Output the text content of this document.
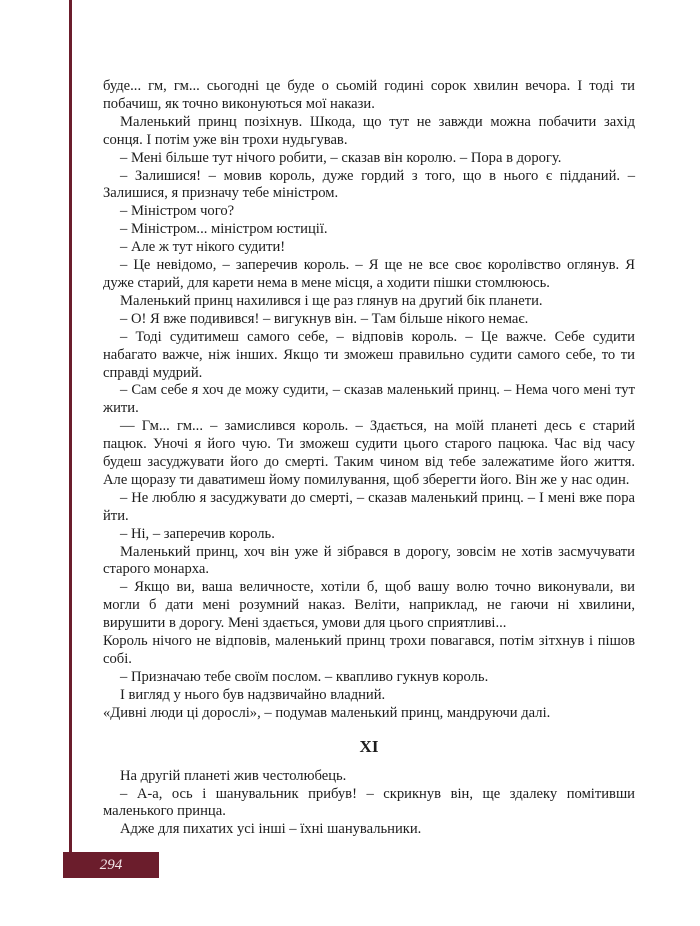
буде... гм, гм... сьогодні це буде о сьомій годині сорок хвилин вечора. І тоді ти побачиш, як точно виконуються мої накази.

Маленький принц позіхнув. Шкода, що тут не завжди можна побачити захід сонця. І потім уже він трохи нудьгував.

– Мені більше тут нічого робити, – сказав він королю. – Пора в дорогу.

– Залишися! – мовив король, дуже гордий з того, що в нього є підданий. – Залишися, я призначу тебе міністром.

– Міністром чого?

– Міністром... міністром юстиції.

– Але ж тут нікого судити!

– Це невідомо, – заперечив король. – Я ще не все своє королівство оглянув. Я дуже старий, для карети нема в мене місця, а ходити пішки стомлююсь.

Маленький принц нахилився і ще раз глянув на другий бік планети.

– О! Я вже подивився! – вигукнув він. – Там більше нікого немає.

– Тоді судитимеш самого себе, – відповів король. – Це важче. Себе судити набагато важче, ніж інших. Якщо ти зможеш правильно судити самого себе, то ти справді мудрий.

– Сам себе я хоч де можу судити, – сказав маленький принц. – Нема чого мені тут жити.

— Гм... гм... – замислився король. – Здається, на моїй планеті десь є старий пацюк. Уночі я його чую. Ти зможеш судити цього старого пацюка. Час від часу будеш засуджувати його до смерті. Таким чином від тебе залежатиме його життя. Але щоразу ти даватимеш йому помилування, щоб зберегти його. Він же у нас один.

– Не люблю я засуджувати до смерті, – сказав маленький принц. – І мені вже пора йти.

– Ні, – заперечив король.

Маленький принц, хоч він уже й зібрався в дорогу, зовсім не хотів засмучувати старого монарха.

– Якщо ви, ваша величносте, хотіли б, щоб вашу волю точно виконували, ви могли б дати мені розумний наказ. Веліти, наприклад, не гаючи ні хвилини, вирушити в дорогу. Мені здається, умови для цього сприятливі...

Король нічого не відповів, маленький принц трохи повагався, потім зітхнув і пішов собі.

– Призначаю тебе своїм послом. – квапливо гукнув король.

І вигляд у нього був надзвичайно владний.

«Дивні люди ці дорослі», – подумав маленький принц, мандруючи далі.

XI

На другій планеті жив честолюбець.

– А-а, ось і шанувальник прибув! – скрикнув він, ще здалеку помітивши маленького принца.

Адже для пихатих усі інші – їхні шанувальники.

294
